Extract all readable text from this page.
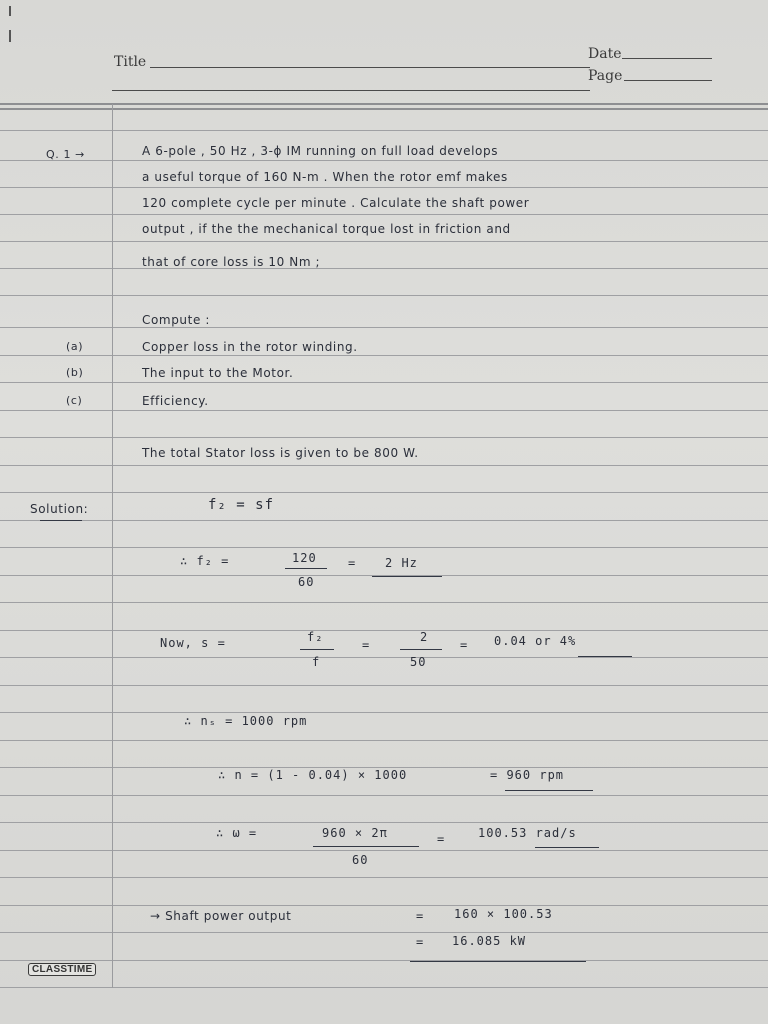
Title	Date
Page
Q. 1 →	A 6-pole , 50 Hz , 3-ϕ IM running on full load develops
a useful torque of 160 N-m . When the rotor emf makes
120 complete cycle per minute . Calculate the shaft power
output , if the the mechanical torque lost in friction and
that of core loss is 10 Nm ;
Compute :
(a)	Copper loss in the rotor winding.
(b)	The input to the Motor.
(c)	Efficiency.
The total Stator loss is given to be 800 W.
Solution:	f₂ = sf
∴ f₂ =	120
60
= 2 Hz
Now, s =	f₂
f
=
2
50
= 0.04 or 4%
∴ nₛ = 1000 rpm
∴ n = (1 - 0.04) × 1000	= 960 rpm
∴ ω =	960 × 2π
60
=	100.53 rad/s
→ Shaft power output	= 160 × 100.53
= 16.085 kW
CLASSTIME
